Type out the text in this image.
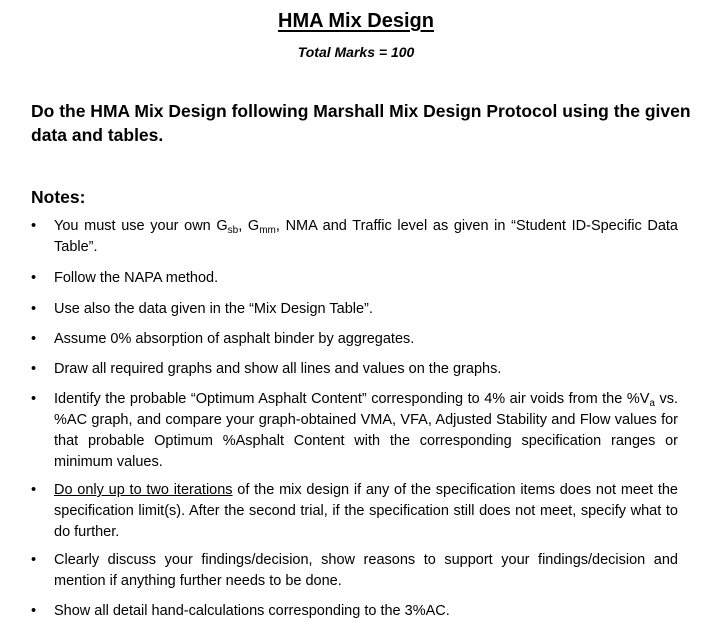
HMA Mix Design
Total Marks = 100
Do the HMA Mix Design following Marshall Mix Design Protocol using the given data and tables.
Notes:
• You must use your own $G_{sb}$, $G_{mm}$, NMA and Traffic level as given in “Student ID-Specific Data Table”.
• Follow the NAPA method.
• Use also the data given in the “Mix Design Table”.
• Assume 0% absorption of asphalt binder by aggregates.
• Draw all required graphs and show all lines and values on the graphs.
• Identify the probable “Optimum Asphalt Content” corresponding to 4% air voids from the $\%V_a$ vs. %AC graph, and compare your graph-obtained VMA, VFA, Adjusted Stability and Flow values for that probable Optimum %Asphalt Content with the corresponding specification ranges or minimum values.
• Do only up to two iterations of the mix design if any of the specification items does not meet the specification limit(s). After the second trial, if the specification still does not meet, specify what to do further.
• Clearly discuss your findings/decision, show reasons to support your findings/decision and mention if anything further needs to be done.
• Show all detail hand-calculations corresponding to the 3%AC.
